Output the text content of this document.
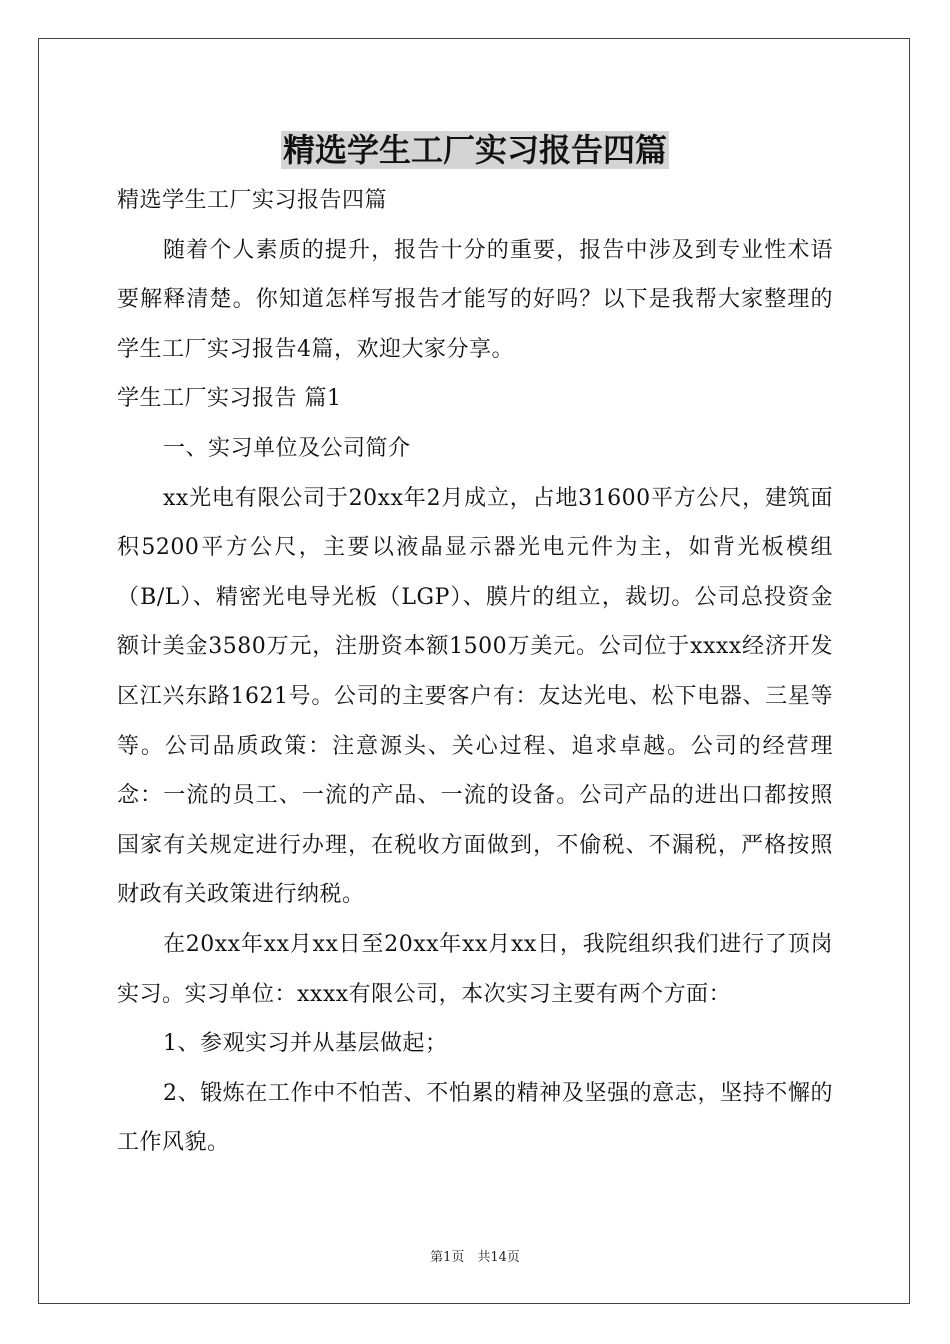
精选学生工厂实习报告四篇

精选学生工厂实习报告四篇

随着个人素质的提升，报告十分的重要，报告中涉及到专业性术语要解释清楚。你知道怎样写报告才能写的好吗？以下是我帮大家整理的学生工厂实习报告4篇，欢迎大家分享。

学生工厂实习报告 篇1

一、实习单位及公司简介

xx光电有限公司于20xx年2月成立，占地31600平方公尺，建筑面积5200平方公尺，主要以液晶显示器光电元件为主，如背光板模组（B/L）、精密光电导光板（LGP）、膜片的组立，裁切。公司总投资金额计美金3580万元，注册资本额1500万美元。公司位于xxxx经济开发区江兴东路1621号。公司的主要客户有：友达光电、松下电器、三星等等。公司品质政策：注意源头、关心过程、追求卓越。公司的经营理念：一流的员工、一流的产品、一流的设备。公司产品的进出口都按照国家有关规定进行办理，在税收方面做到，不偷税、不漏税，严格按照财政有关政策进行纳税。

在20xx年xx月xx日至20xx年xx月xx日，我院组织我们进行了顶岗实习。实习单位：xxxx有限公司，本次实习主要有两个方面：

1、参观实习并从基层做起；

2、锻炼在工作中不怕苦、不怕累的精神及坚强的意志，坚持不懈的工作风貌。

第1页　共14页
